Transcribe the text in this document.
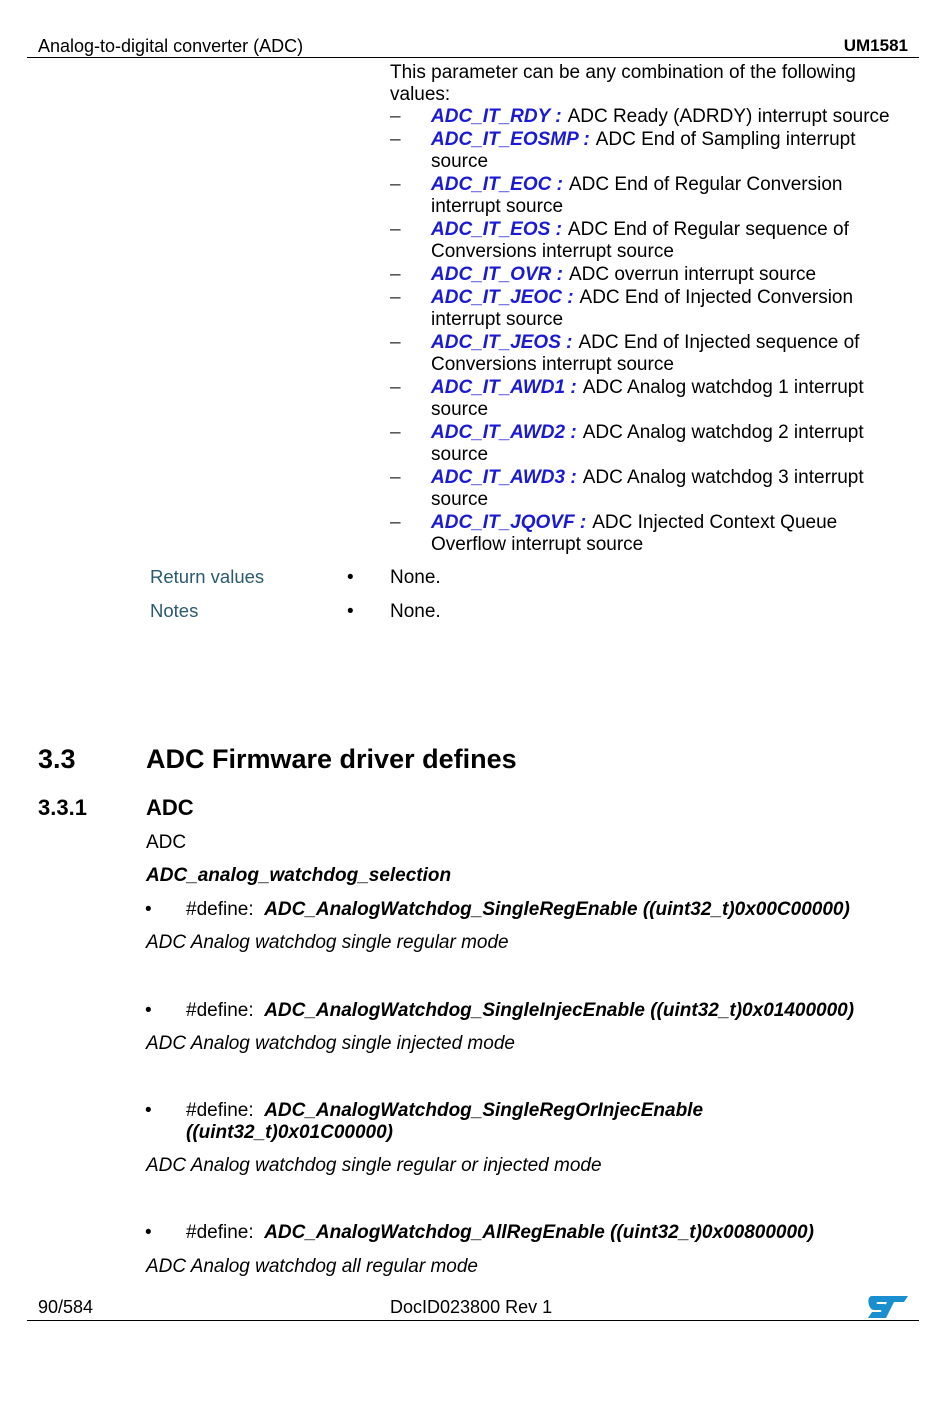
Analog-to-digital converter (ADC)	UM1581
This parameter can be any combination of the following values:
– ADC_IT_RDY : ADC Ready (ADRDY) interrupt source
– ADC_IT_EOSMP : ADC End of Sampling interrupt source
– ADC_IT_EOC : ADC End of Regular Conversion interrupt source
– ADC_IT_EOS : ADC End of Regular sequence of Conversions interrupt source
– ADC_IT_OVR : ADC overrun interrupt source
– ADC_IT_JEOC : ADC End of Injected Conversion interrupt source
– ADC_IT_JEOS : ADC End of Injected sequence of Conversions interrupt source
– ADC_IT_AWD1 : ADC Analog watchdog 1 interrupt source
– ADC_IT_AWD2 : ADC Analog watchdog 2 interrupt source
– ADC_IT_AWD3 : ADC Analog watchdog 3 interrupt source
– ADC_IT_JQOVF : ADC Injected Context Queue Overflow interrupt source
Return values	• None.
Notes	• None.
3.3	ADC Firmware driver defines
3.3.1	ADC
ADC
ADC_analog_watchdog_selection
• #define: ADC_AnalogWatchdog_SingleRegEnable ((uint32_t)0x00C00000)
ADC Analog watchdog single regular mode
• #define: ADC_AnalogWatchdog_SingleInjecEnable ((uint32_t)0x01400000)
ADC Analog watchdog single injected mode
• #define: ADC_AnalogWatchdog_SingleRegOrInjecEnable ((uint32_t)0x01C00000)
ADC Analog watchdog single regular or injected mode
• #define: ADC_AnalogWatchdog_AllRegEnable ((uint32_t)0x00800000)
ADC Analog watchdog all regular mode
90/584	DocID023800 Rev 1
